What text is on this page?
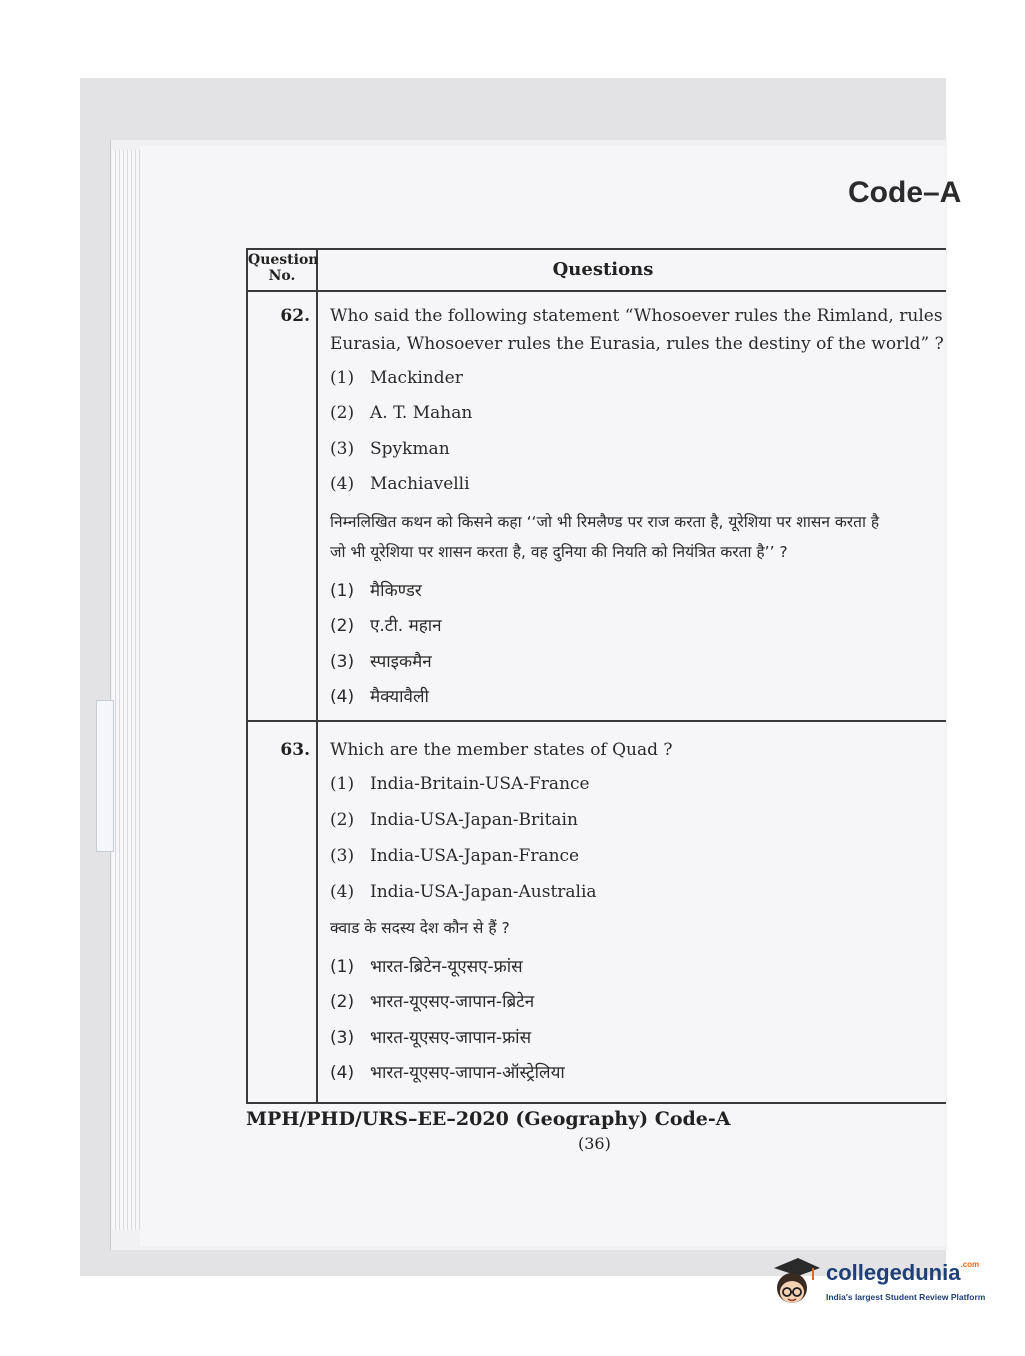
Code–A
Question No.	Questions
62. Who said the following statement “Whosoever rules the Rimland, rules
Eurasia, Whosoever rules the Eurasia, rules the destiny of the world” ?
(1) Mackinder
(2) A. T. Mahan
(3) Spykman
(4) Machiavelli
निम्नलिखित कथन को किसने कहा ‘‘जो भी रिमलैण्ड पर राज करता है, यूरेशिया पर शासन करता है
जो भी यूरेशिया पर शासन करता है, वह दुनिया की नियति को नियंत्रित करता है’’ ?
(1) मैकिण्डर
(2) ए.टी. महान
(3) स्पाइकमैन
(4) मैक्यावैली
63. Which are the member states of Quad ?
(1) India-Britain-USA-France
(2) India-USA-Japan-Britain
(3) India-USA-Japan-France
(4) India-USA-Japan-Australia
क्वाड के सदस्य देश कौन से हैं ?
(1) भारत-ब्रिटेन-यूएसए-फ्रांस
(2) भारत-यूएसए-जापान-ब्रिटेन
(3) भारत-यूएसए-जापान-फ्रांस
(4) भारत-यूएसए-जापान-ऑस्ट्रेलिया
MPH/PHD/URS–EE–2020 (Geography) Code-A
(36)
collegedunia$^{.com}$
India's largest Student Review Platform
